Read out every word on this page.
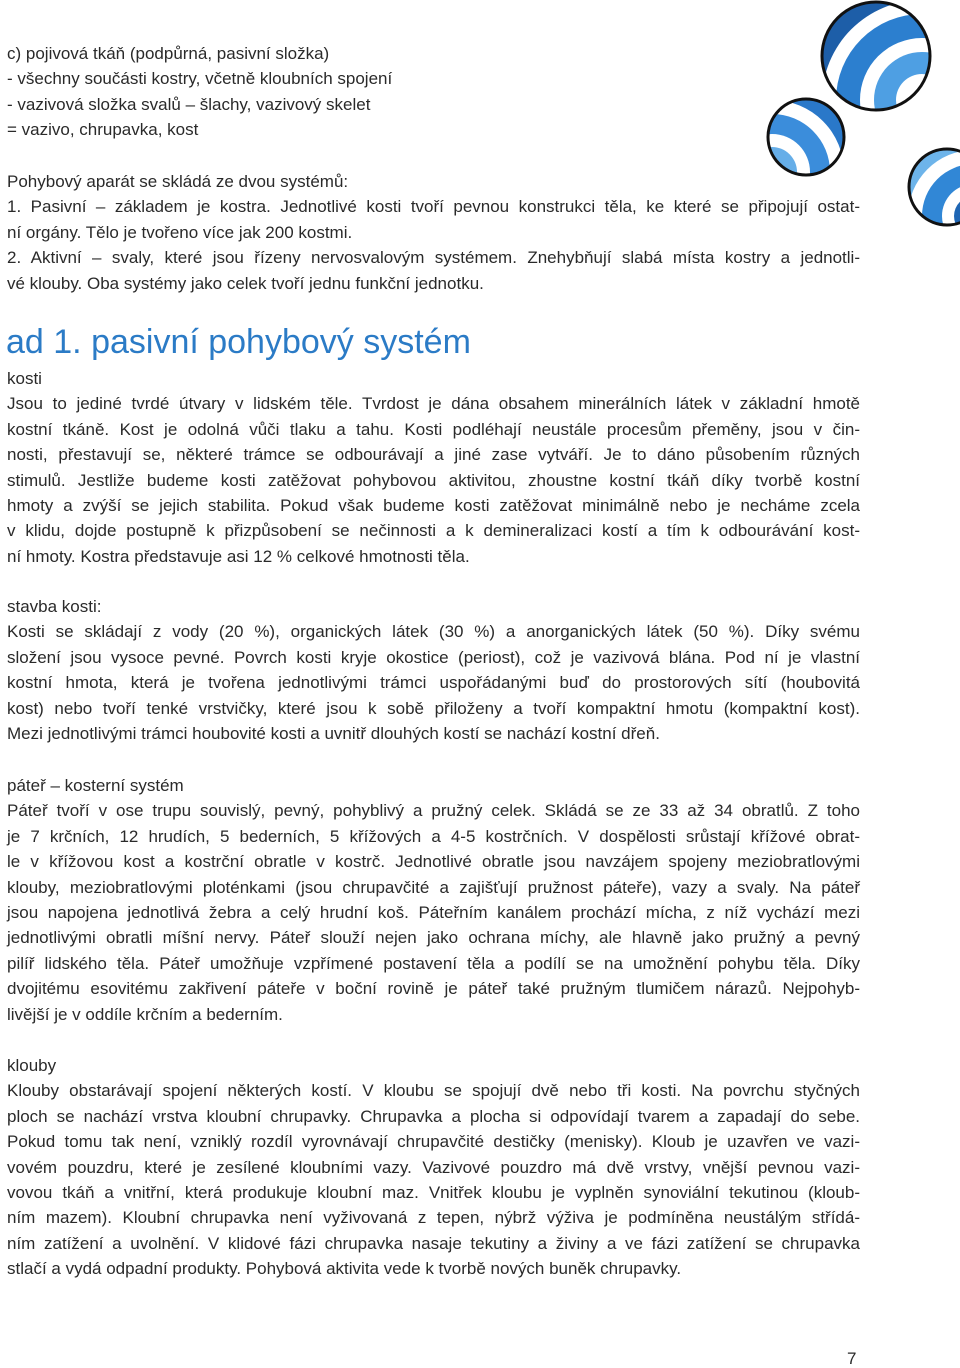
c) pojivová tkáň (podpůrná, pasivní složka)
- všechny součásti kostry, včetně kloubních spojení
- vazivová složka svalů – šlachy, vazivový skelet
= vazivo, chrupavka, kost
Pohybový aparát se skládá ze dvou systémů:
1. Pasivní – základem je kostra. Jednotlivé kosti tvoří pevnou konstrukci těla, ke které se připojují ostat-
ní orgány. Tělo je tvořeno více jak 200 kostmi.
2. Aktivní – svaly, které jsou řízeny nervosvalovým systémem. Znehybňují slabá místa kostry a jednotli-
vé klouby. Oba systémy jako celek tvoří jednu funkční jednotku.
ad 1. pasivní pohybový systém
kosti
Jsou to jediné tvrdé útvary v lidském těle. Tvrdost je dána obsahem minerálních látek v základní hmotě
kostní tkáně. Kost je odolná vůči tlaku a tahu. Kosti podléhají neustále procesům přeměny, jsou v čin-
nosti, přestavují se, některé trámce se odbourávají a jiné zase vytváří. Je to dáno působením různých
stimulů. Jestliže budeme kosti zatěžovat pohybovou aktivitou, zhoustne kostní tkáň díky tvorbě kostní
hmoty a zvýší se jejich stabilita. Pokud však budeme kosti zatěžovat minimálně nebo je necháme zcela
v klidu, dojde postupně k přizpůsobení se nečinnosti a k demineralizaci kostí a tím k odbourávání kost-
ní hmoty. Kostra představuje asi 12 % celkové hmotnosti těla.
stavba kosti:
Kosti se skládají z vody (20 %), organických látek (30 %) a anorganických látek (50 %). Díky svému
složení jsou vysoce pevné. Povrch kosti kryje okostice (periost), což je vazivová blána. Pod ní je vlastní
kostní hmota, která je tvořena jednotlivými trámci uspořádanými buď do prostorových sítí (houbovitá
kost) nebo tvoří tenké vrstvičky, které jsou k sobě přiloženy a tvoří kompaktní hmotu (kompaktní kost).
Mezi jednotlivými trámci houbovité kosti a uvnitř dlouhých kostí se nachází kostní dřeň.
páteř – kosterní systém
Páteř tvoří v ose trupu souvislý, pevný, pohyblivý a pružný celek. Skládá se ze 33 až 34 obratlů. Z toho
je 7 krčních, 12 hrudích, 5 bederních, 5 křížových a 4-5 kostrčních. V dospělosti srůstají křížové obrat-
le v křížovou kost a kostrční obratle v kostrč. Jednotlivé obratle jsou navzájem spojeny meziobratlovými
klouby, meziobratlovými ploténkami (jsou chrupavčité a zajišťují pružnost páteře), vazy a svaly. Na páteř
jsou napojena jednotlivá žebra a celý hrudní koš. Páteřním kanálem prochází mícha, z níž vychází mezi
jednotlivými obratli míšní nervy. Páteř slouží nejen jako ochrana míchy, ale hlavně jako pružný a pevný
pilíř lidského těla. Páteř umožňuje vzpřímené postavení těla a podílí se na umožnění pohybu těla. Díky
dvojitému esovitému zakřivení páteře v boční rovině je páteř také pružným tlumičem nárazů. Nejpohyb-
livější je v oddíle krčním a bederním.
klouby
Klouby obstarávají spojení některých kostí. V kloubu se spojují dvě nebo tři kosti. Na povrchu styčných
ploch se nachází vrstva kloubní chrupavky. Chrupavka a plocha si odpovídají tvarem a zapadají do sebe.
Pokud tomu tak není, vzniklý rozdíl vyrovnávají chrupavčité destičky (menisky). Kloub je uzavřen ve vazi-
vovém pouzdru, které je zesílené kloubními vazy. Vazivové pouzdro má dvě vrstvy, vnější pevnou vazi-
vovou tkáň a vnitřní, která produkuje kloubní maz. Vnitřek kloubu je vyplněn synoviální tekutinou (kloub-
ním mazem). Kloubní chrupavka není vyživovaná z tepen, nýbrž výživa je podmíněna neustálým střídá-
ním zatížení a uvolnění. V klidové fázi chrupavka nasaje tekutiny a živiny a ve fázi zatížení se chrupavka
stlačí a vydá odpadní produkty. Pohybová aktivita vede k tvorbě nových buněk chrupavky.
7
